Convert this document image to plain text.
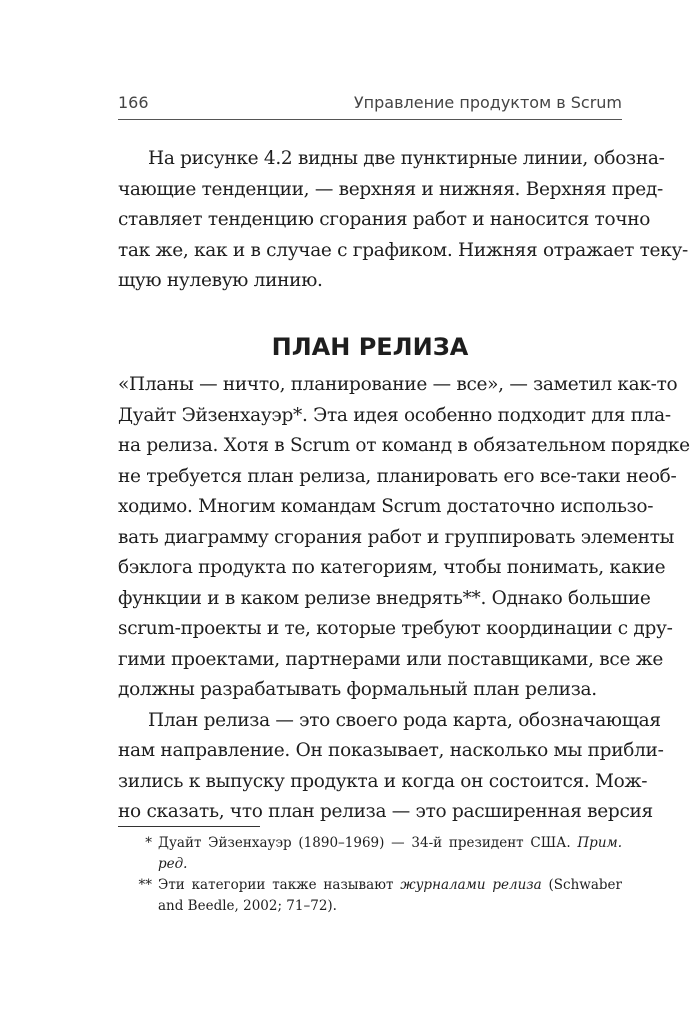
166	Управление продуктом в Scrum
На рисунке 4.2 видны две пунктирные линии, обозна-
чающие тенденции, — верхняя и нижняя. Верхняя пред-
ставляет тенденцию сгорания работ и наносится точно
так же, как и в случае с графиком. Нижняя отражает теку-
щую нулевую линию.
ПЛАН РЕЛИЗА
«Планы — ничто, планирование — все», — заметил как-то
Дуайт Эйзенхауэр*. Эта идея особенно подходит для пла-
на релиза. Хотя в Scrum от команд в обязательном порядке
не требуется план релиза, планировать его все-таки необ-
ходимо. Многим командам Scrum достаточно использо-
вать диаграмму сгорания работ и группировать элементы
бэклога продукта по категориям, чтобы понимать, какие
функции и в каком релизе внедрять**. Однако большие
scrum-проекты и те, которые требуют координации с дру-
гими проектами, партнерами или поставщиками, все же
должны разрабатывать формальный план релиза.
План релиза — это своего рода карта, обозначающая
нам направление. Он показывает, насколько мы прибли-
зились к выпуску продукта и когда он состоится. Мож-
но сказать, что план релиза — это расширенная версия
* Дуайт Эйзенхауэр (1890–1969) — 34-й президент США. Прим. ред.
** Эти категории также называют журналами релиза (Schwaber and Beedle, 2002; 71–72).
